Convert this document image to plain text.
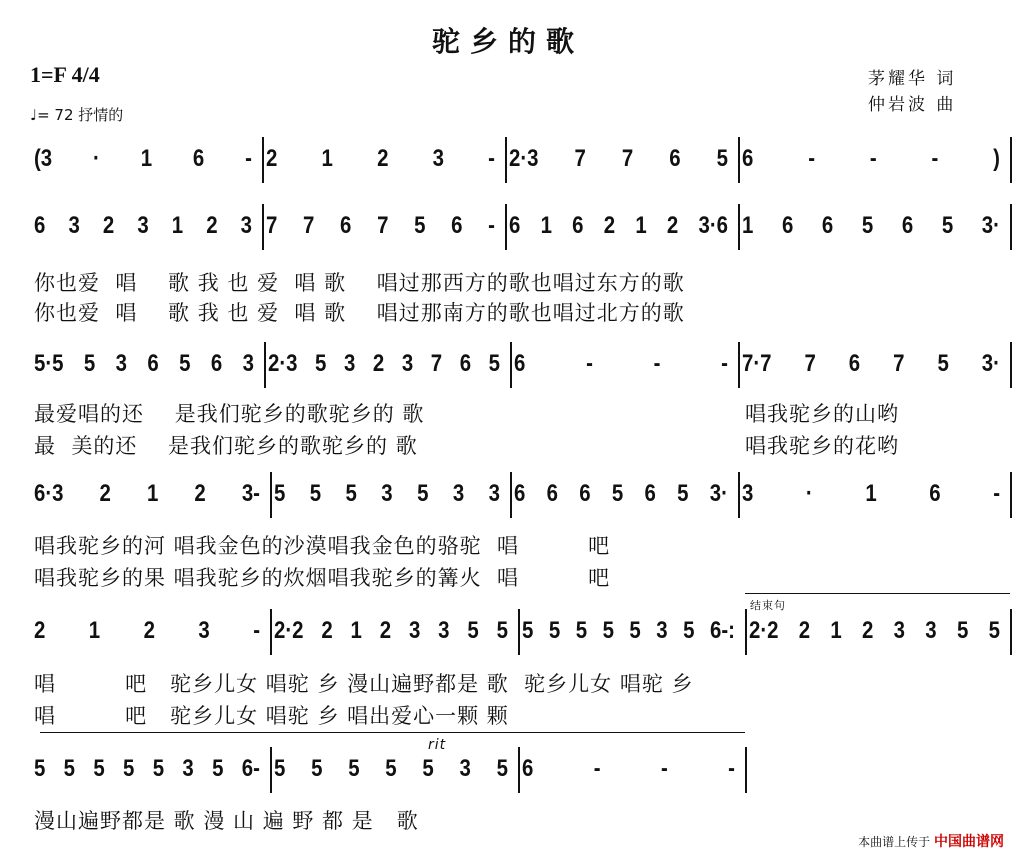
驼乡的歌
1=F 4/4
♩= 72 抒情的
茅耀华 词
仲岩波 曲
(3 · 1 6 - 2 1 2 3 - 2·3 7 7 6 5 6 - - - )
6 3 2 3 1 2 3 7 7 6 7 5 6 - 6 1 6 2 1 2 3·6 1 6 6 5 6 5 3·
你也爱  唱    歌 我 也 爱  唱 歌    唱过那西方的歌也唱过东方的歌
你也爱  唱    歌 我 也 爱  唱 歌    唱过那南方的歌也唱过北方的歌
5·5 5 3 6 5 6 3 2·3 5 3 2 3 7 6 5 6	-	-	- 7·7 7 6 7 5 3·
最爱唱的还    是我们驼乡的歌驼乡的 歌
最  美的还    是我们驼乡的歌驼乡的 歌
唱我驼乡的山哟
唱我驼乡的花哟
6·3 2 1 2 3- 5 5 5 3 5 3 3 6 6 6 5 6 5 3· 3 · 1 6 -
唱我驼乡的河 唱我金色的沙漠唱我金色的骆驼  唱         吧
唱我驼乡的果 唱我驼乡的炊烟唱我驼乡的篝火  唱         吧
2 1 2 3 - 2·2 2 1 2 3 3 5 5 5 5 5 5 5 3 5 6-: 2·2 2 1 2 3 3 5 5
唱         吧   驼乡儿女 唱驼 乡 漫山遍野都是 歌  驼乡儿女 唱驼 乡
唱         吧   驼乡儿女 唱驼 乡 唱出爱心一颗 颗
结束句
5 5 5 5 5 3 5 6- 5 5 5 5 5 3 5 6	-	-	-
漫山遍野都是 歌 漫 山 遍 野 都 是   歌
rit
本曲谱上传于 中国曲谱网
